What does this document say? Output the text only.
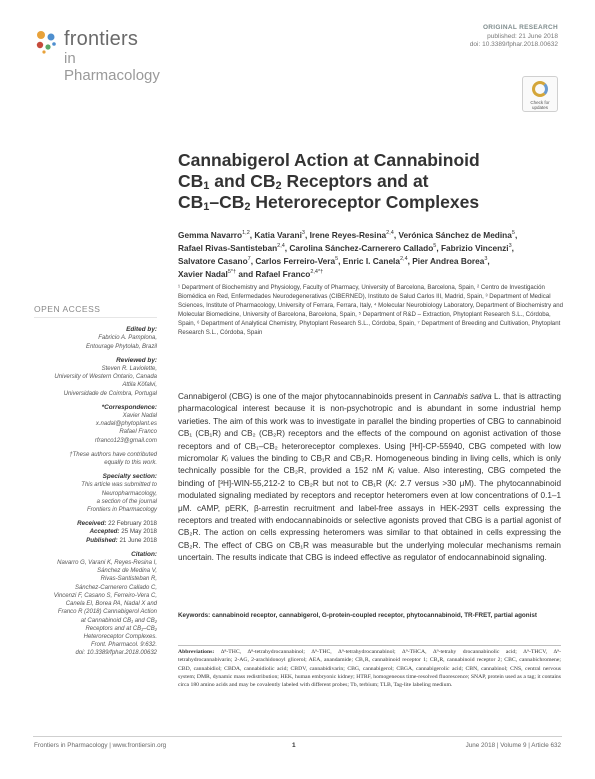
frontiers
in Pharmacology
ORIGINAL RESEARCH
published: 21 June 2018
doi: 10.3389/fphar.2018.00632
Check for updates
Cannabigerol Action at Cannabinoid
$CB_1$ and $CB_2$ Receptors and at
$CB_1-CB_2$ Heteroreceptor Complexes
Gemma Navarro$^{1,2}$, Katia Varani$^3$, Irene Reyes-Resina$^{2,4}$, Verónica Sánchez de Medina$^5$,
Rafael Rivas-Santisteban$^{2,4}$, Carolina Sánchez-Carnerero Callado$^5$, Fabrizio Vincenzi$^3$,
Salvatore Casano$^7$, Carlos Ferreiro-Vera$^5$, Enric I. Canela$^{2,4}$, Pier Andrea Borea$^3$,
Xavier Nadal$^{5*\dagger}$ and Rafael Franco$^{2,4*\dagger}$
¹ Department of Biochemistry and Physiology, Faculty of Pharmacy, University of Barcelona, Barcelona, Spain, ² Centro de Investigación Biomédica en Red, Enfermedades Neurodegenerativas (CIBERNED), Instituto de Salud Carlos III, Madrid, Spain, ³ Department of Medical Sciences, Institute of Pharmacology, University of Ferrara, Ferrara, Italy, ⁴ Molecular Neurobiology Laboratory, Department of Biochemistry and Molecular Biomedicine, University of Barcelona, Barcelona, Spain, ⁵ Department of R&D – Extraction, Phytoplant Research S.L., Córdoba, Spain, ⁶ Department of Analytical Chemistry, Phytoplant Research S.L., Córdoba, Spain, ⁷ Department of Breeding and Cultivation, Phytoplant Research S.L., Córdoba, Spain
OPEN ACCESS
Edited by:
Fabricio A. Pamplona,
Entourage Phytolab, Brazil
Reviewed by:
Steven R. Laviolette,
University of Western Ontario, Canada
Attila Köfalvi,
Universidade de Coimbra, Portugal
*Correspondence:
Xavier Nadal
x.nadal@phytoplant.es
Rafael Franco
rfranco123@gmail.com
†These authors have contributed
equally to this work.
Specialty section:
This article was submitted to
Neuropharmacology,
a section of the journal
Frontiers in Pharmacology
Received: 22 February 2018
Accepted: 25 May 2018
Published: 21 June 2018
Citation:
Navarro G, Varani K, Reyes-Resina I,
Sánchez de Medina V,
Rivas-Santisteban R,
Sánchez-Carnerero Callado C,
Vincenzi F, Casano S, Ferreiro-Vera C,
Canela EI, Borea PA, Nadal X and
Franco R (2018) Cannabigerol Action
at Cannabinoid CB₁ and CB₂
Receptors and at CB₁–CB₂
Heteroreceptor Complexes.
Front. Pharmacol. 9:632.
doi: 10.3389/fphar.2018.00632
Cannabigerol (CBG) is one of the major phytocannabinoids present in Cannabis sativa L. that is attracting pharmacological interest because it is non-psychotropic and is abundant in some industrial hemp varieties. The aim of this work was to investigate in parallel the binding properties of CBG to cannabinoid CB₁ (CB₁R) and CB₂ (CB₂R) receptors and the effects of the compound on agonist activation of those receptors and of CB₁–CB₂ heteroreceptor complexes. Using [³H]-CP-55940, CBG competed with low micromolar Kᵢ values the binding to CB₁R and CB₂R. Homogeneous binding in living cells, which is only technically possible for the CB₂R, provided a 152 nM Kᵢ value. Also interesting, CBG competed the binding of [³H]-WIN-55,212-2 to CB₂R but not to CB₁R (Kᵢ: 2.7 versus >30 μM). The phytocannabinoid modulated signaling mediated by receptors and receptor heteromers even at low concentrations of 0.1–1 μM. cAMP, pERK, β-arrestin recruitment and label-free assays in HEK-293T cells expressing the receptors and treated with endocannabinoids or selective agonists proved that CBG is a partial agonist of CB₂R. The action on cells expressing heteromers was similar to that obtained in cells expressing the CB₂R. The effect of CBG on CB₁R was measurable but the underlying molecular mechanisms remain uncertain. The results indicate that CBG is indeed effective as regulator of endocannabinoid signaling.
Keywords: cannabinoid receptor, cannabigerol, G-protein-coupled receptor, phytocannabinoid, TR-FRET, partial agonist
Abbreviations: Δ⁸-THC, Δ⁸-tetrahydrocannabinol; Δ⁹-THC, Δ⁹-tetrahydrocannabinol; Δ⁹-THCA, Δ⁹-tetrahy drocannabinolic acid; Δ⁹-THCV, Δ⁹-tetrahydrocannabivarin; 2-AG, 2-arachidonoyl glicerol; AEA, anandamide; CB₁R, cannabinoid receptor 1; CB₂R, cannabinoid receptor 2; CBC, cannabichromene; CBD, cannabidiol; CBDA, cannabidiolic acid; CBDV, cannabidivarin; CBG, cannabigerol; CBGA, cannabigerolic acid; CBN, cannabinol; CNS, central nervous system; DMR, dynamic mass redistribution; HEK, human embryonic kidney; HTRF, homogeneous time-resolved fluorescence; SNAP, protein used as a tag; it contains circa 180 amino acids and may be covalently labeled with different probes; Tb, terbium; TLB, Tag-lite labeling medium.
Frontiers in Pharmacology | www.frontiersin.org	1	June 2018 | Volume 9 | Article 632
